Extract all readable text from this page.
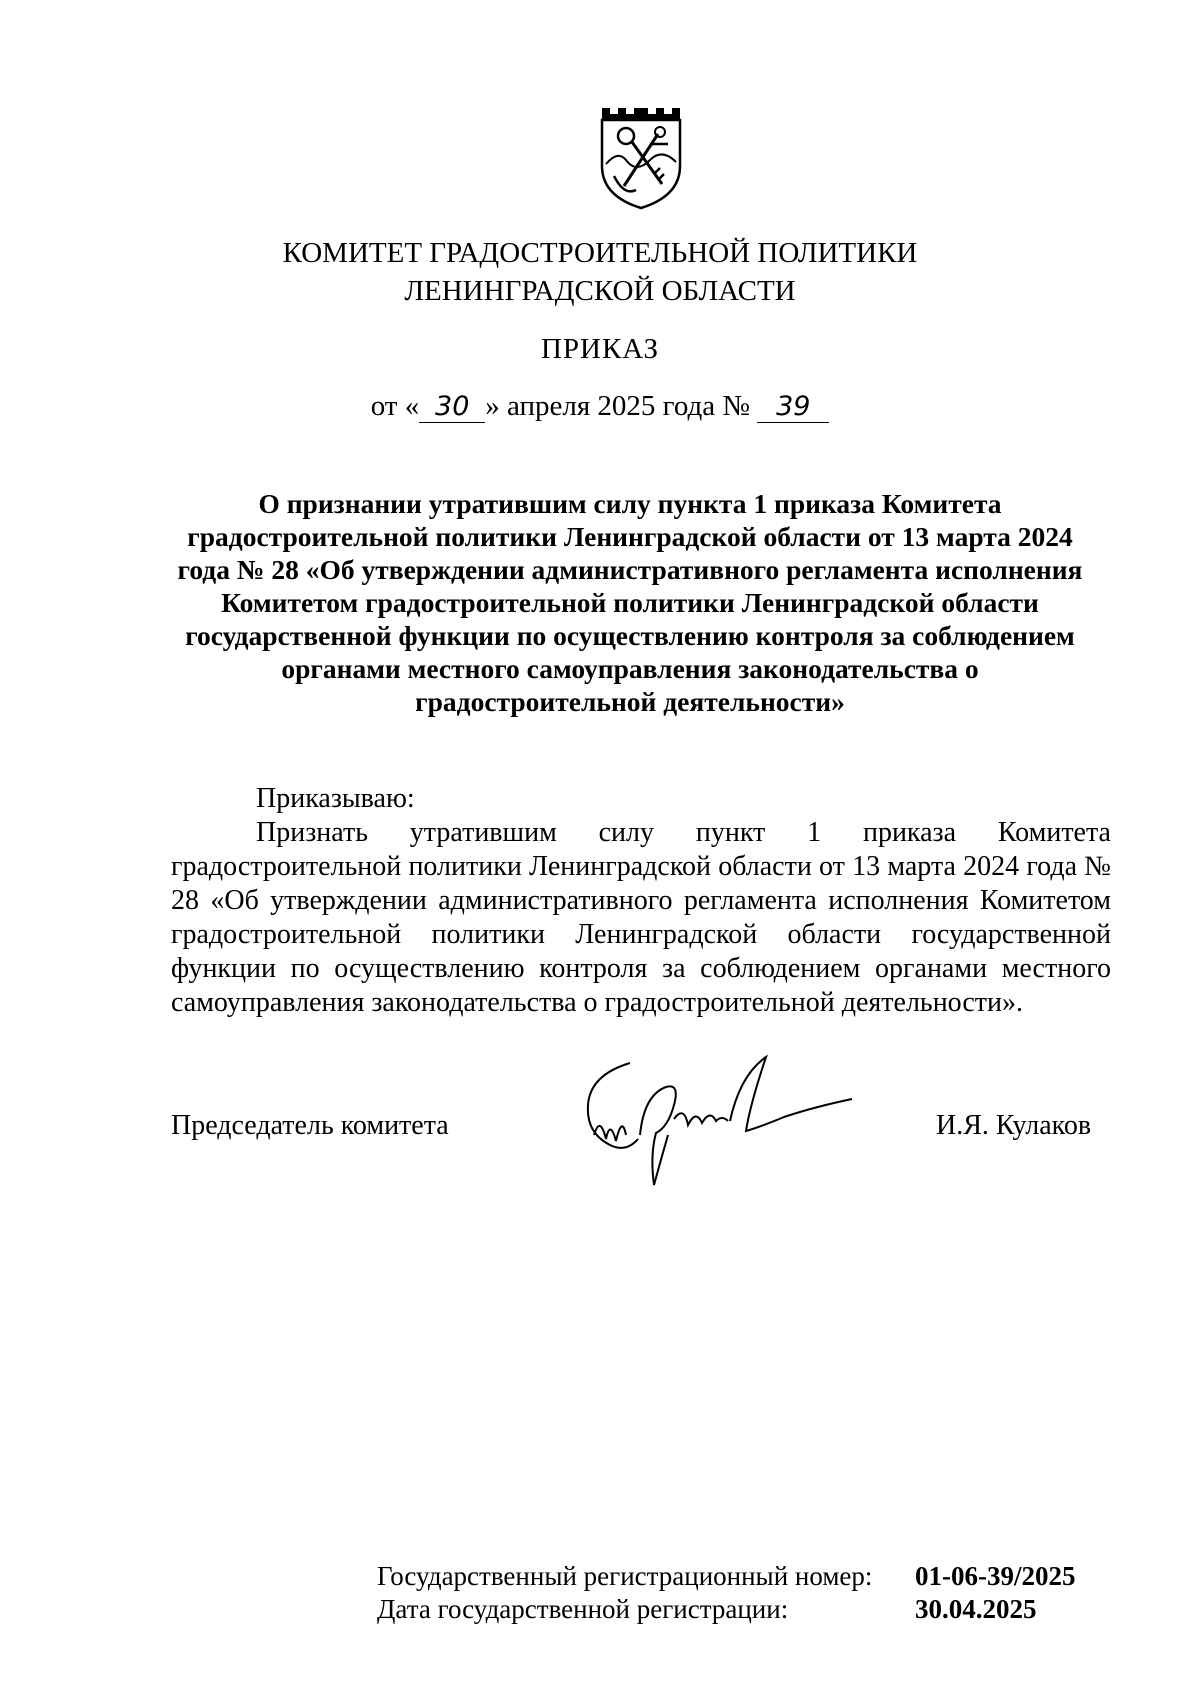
КОМИТЕТ ГРАДОСТРОИТЕЛЬНОЙ ПОЛИТИКИ
ЛЕНИНГРАДСКОЙ ОБЛАСТИ
ПРИКАЗ
от « 30 » апреля 2025 года № 39
О признании утратившим силу пункта 1 приказа Комитета градостроительной политики Ленинградской области от 13 марта 2024 года № 28 «Об утверждении административного регламента исполнения Комитетом градостроительной политики Ленинградской области государственной функции по осуществлению контроля за соблюдением органами местного самоуправления законодательства о градостроительной деятельности»

Приказываю:

Признать утратившим силу пункт 1 приказа Комитета градостроительной политики Ленинградской области от 13 марта 2024 года № 28 «Об утверждении административного регламента исполнения Комитетом градостроительной политики Ленинградской области государственной функции по осуществлению контроля за соблюдением органами местного самоуправления законодательства о градостроительной деятельности».

Председатель комитета	И.Я. Кулаков
Государственный регистрационный номер:	01-06-39/2025
Дата государственной регистрации:	30.04.2025
